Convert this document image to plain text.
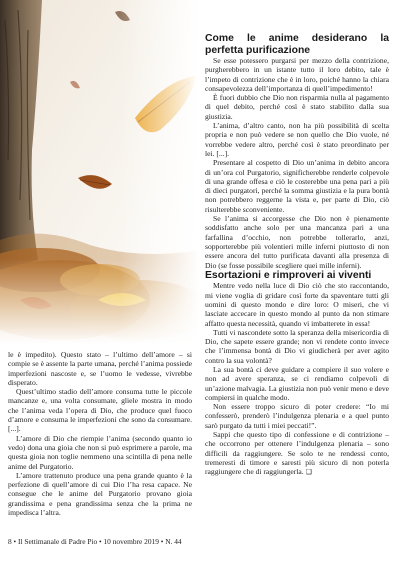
le è impedito). Questo stato – l’ultimo dell’amore – si compie se è assente la parte umana, perché l’anima possiede imperfezioni nascoste e, se l’uomo le vedesse, vivrebbe disperato.

Quest’ultimo stadio dell’amore consuma tutte le piccole mancanze e, una volta consumate, gliele mostra in modo che l’anima veda l’opera di Dio, che produce quel fuoco d’amore e consuma le imperfezioni che sono da consumare. [...].

L’amore di Dio che riempie l’anima (secondo quanto io vedo) dona una gioia che non si può esprimere a parole, ma questa gioia non toglie nemmeno una scintilla di pena nelle anime del Purgatorio.

L’amore trattenuto produce una pena grande quanto è la perfezione di quell’amore di cui Dio l’ha resa capace. Ne consegue che le anime del Purgatorio provano gioia grandissima e pena grandissima senza che la prima ne impedisca l’altra.

Come le anime desiderano la perfetta purificazione

Se esse potessero purgarsi per mezzo della contrizione, purgherebbero in un istante tutto il loro debito, tale è l’impeto di contrizione che è in loro, poiché hanno la chiara consapevolezza dell’importanza di quell’impedimento!

È fuori dubbio che Dio non risparmia nulla al pagamento di quel debito, perché così è stato stabilito dalla sua giustizia.

L’anima, d’altro canto, non ha più possibilità di scelta propria e non può vedere se non quello che Dio vuole, né vorrebbe vedere altro, perché così è stato preordinato per lei. [...].

Presentare al cospetto di Dio un’anima in debito ancora di un’ora col Purgatorio, significherebbe renderle colpevole di una grande offesa e ciò le costerebbe una pena pari a più di dieci purgatori, perché la somma giustizia e la pura bontà non potrebbero reggerne la vista e, per parte di Dio, ciò risulterebbe sconveniente.

Se l’anima si accorgesse che Dio non è pienamente soddisfatto anche solo per una mancanza pari a una farfallina d’occhio, non potrebbe tollerarlo, anzi, sopporterebbe più volentieri mille inferni piuttosto di non essere ancora del tutto purificata davanti alla presenza di Dio (se fosse possibile scegliere quei mille inferni).

Esortazioni e rimproveri ai viventi

Mentre vedo nella luce di Dio ciò che sto raccontando, mi viene voglia di gridare così forte da spaventare tutti gli uomini di questo mondo e dire loro: O miseri, che vi lasciate accecare in questo mondo al punto da non stimare affatto questa necessità, quando vi imbatterete in essa!

Tutti vi nascondete sotto la speranza della misericordia di Dio, che sapete essere grande; non vi rendete conto invece che l’immensa bontà di Dio vi giudicherà per aver agito contro la sua volontà?

La sua bontà ci deve guidare a compiere il suo volere e non ad avere speranza, se ci rendiamo colpevoli di un’azione malvagia. La giustizia non può venir meno e deve compiersi in qualche modo.

Non essere troppo sicuro di poter credere: “Io mi confesserò, prenderò l’indulgenza plenaria e a quel punto sarò purgato da tutti i miei peccati!”.

Sappi che questo tipo di confessione e di contrizione – che occorrono per ottenere l’indulgenza plenaria – sono difficili da raggiungere. Se solo te ne rendessi conto, tremeresti di timore e saresti più sicuro di non poterla raggiungere che di raggiungerla. ❏

8 • Il Settimanale di Padre Pio • 10 novembre 2019 • N. 44
